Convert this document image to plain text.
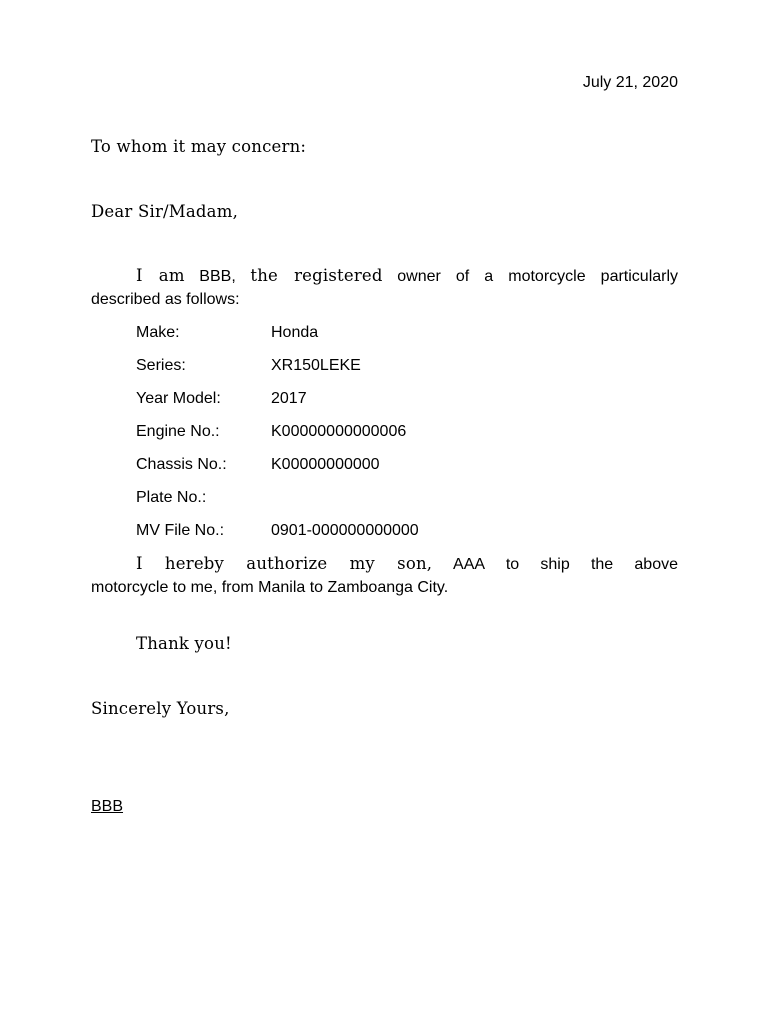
July 21, 2020
To whom it may concern:
Dear Sir/Madam,
I am BBB, the registered owner of a motorcycle particularly
described as follows:
Make:	Honda
Series:	XR150LEKE
Year Model:	2017
Engine No.:	K00000000000006
Chassis No.:	K00000000000
Plate No.:
MV File No.:	0901-000000000000
I hereby authorize my son, AAA to ship the above
motorcycle to me, from Manila to Zamboanga City.
Thank you!
Sincerely Yours,
BBB
